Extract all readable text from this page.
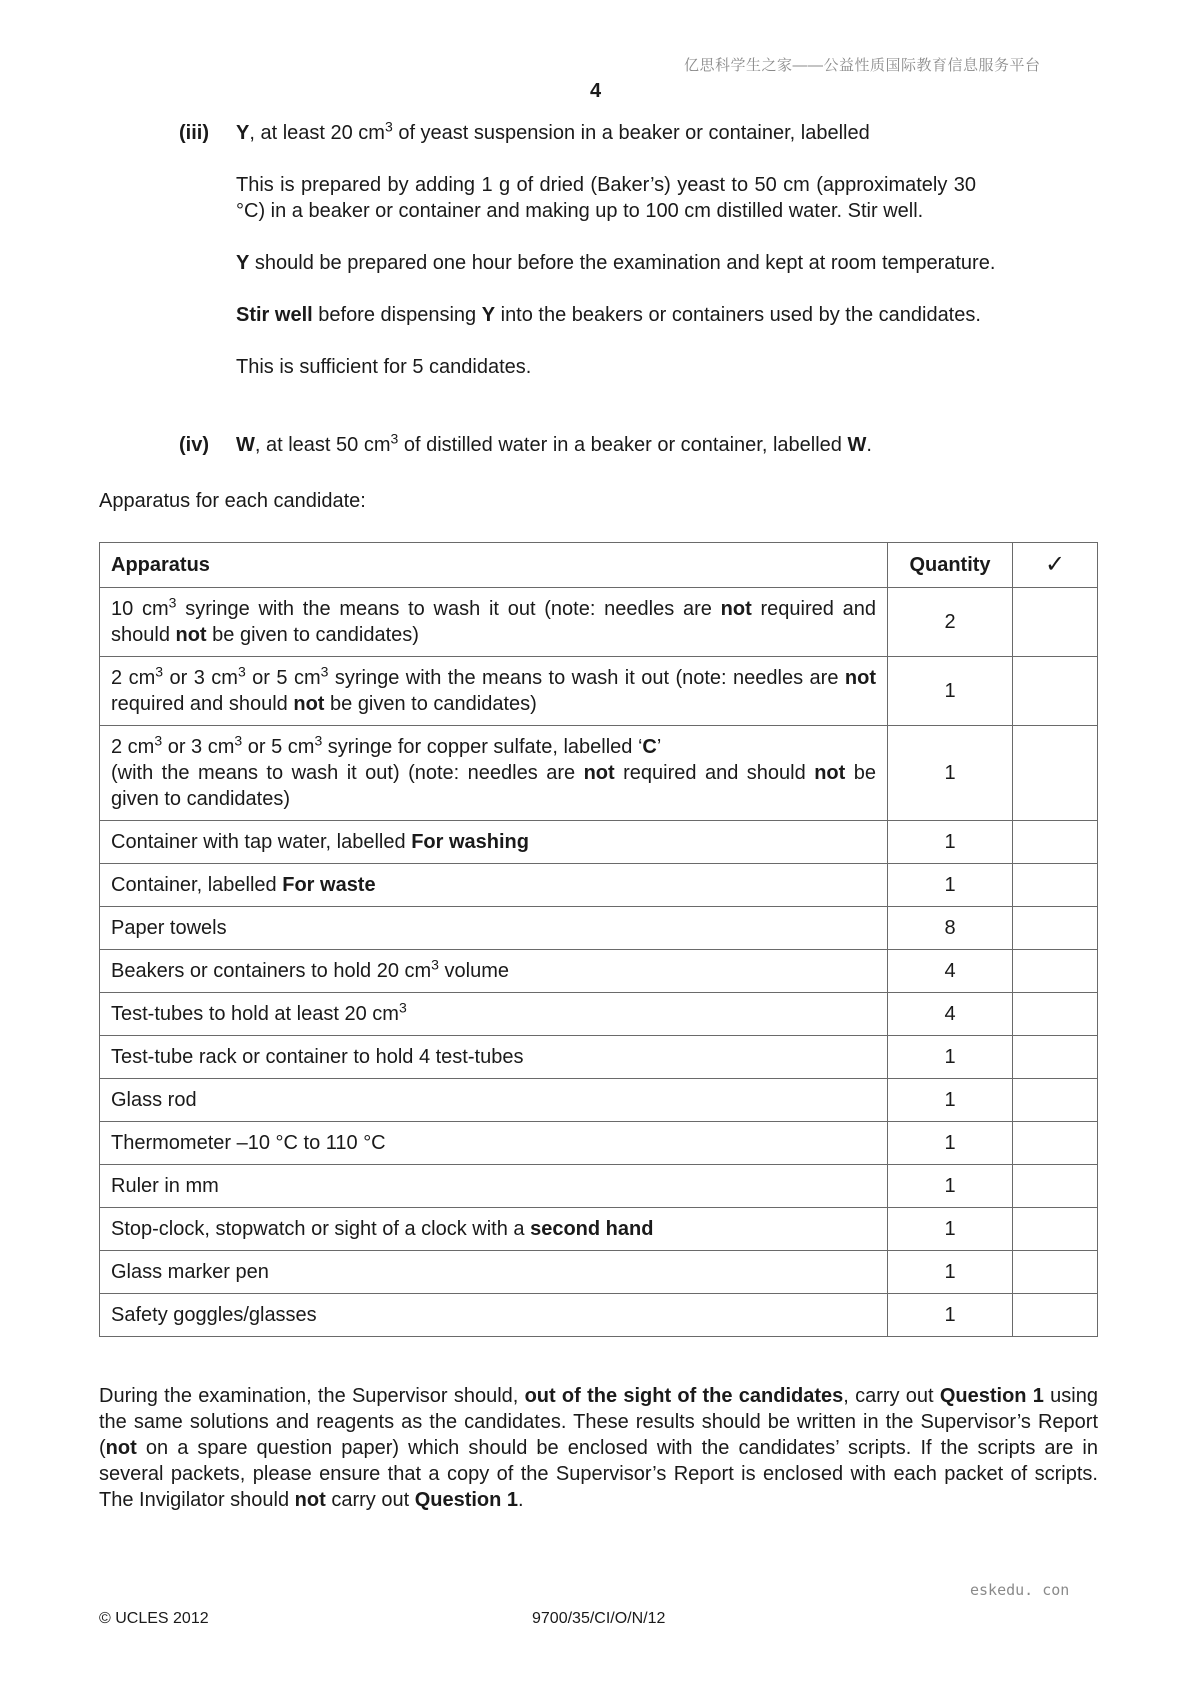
亿思科学生之家——公益性质国际教育信息服务平台
4
(iii) Y, at least 20 $cm^3$ of yeast suspension in a beaker or container, labelled

This is prepared by adding 1 g of dried (Baker’s) yeast to 50 cm (approximately 30 °C) in a beaker or container and making up to 100 cm distilled water. Stir well.

Y should be prepared one hour before the examination and kept at room temperature.

Stir well before dispensing Y into the beakers or containers used by the candidates.

This is sufficient for 5 candidates.

(iv) W, at least 50 $cm^3$ of distilled water in a beaker or container, labelled W.

Apparatus for each candidate:
Apparatus	Quantity	✓
10 $cm^3$ syringe with the means to wash it out (note: needles are not required and should not be given to candidates)	2	
2 $cm^3$ or 3 $cm^3$ or 5 $cm^3$ syringe with the means to wash it out (note: needles are not required and should not be given to candidates)	1	
2 $cm^3$ or 3 $cm^3$ or 5 $cm^3$ syringe for copper sulfate, labelled ‘C’
(with the means to wash it out) (note: needles are not required and should not be given to candidates)	1	
Container with tap water, labelled For washing	1	
Container, labelled For waste	1	
Paper towels	8	
Beakers or containers to hold 20 $cm^3$ volume	4	
Test-tubes to hold at least 20 $cm^3$	4	
Test-tube rack or container to hold 4 test-tubes	1	
Glass rod	1	
Thermometer –10 °C to 110 °C	1	
Ruler in mm	1	
Stop-clock, stopwatch or sight of a clock with a second hand	1	
Glass marker pen	1	
Safety goggles/glasses	1	
During the examination, the Supervisor should, out of the sight of the candidates, carry out Question 1 using the same solutions and reagents as the candidates. These results should be written in the Supervisor’s Report (not on a spare question paper) which should be enclosed with the candidates’ scripts. If the scripts are in several packets, please ensure that a copy of the Supervisor’s Report is enclosed with each packet of scripts. The Invigilator should not carry out Question 1.
eskedu. con
© UCLES 2012	9700/35/CI/O/N/12
